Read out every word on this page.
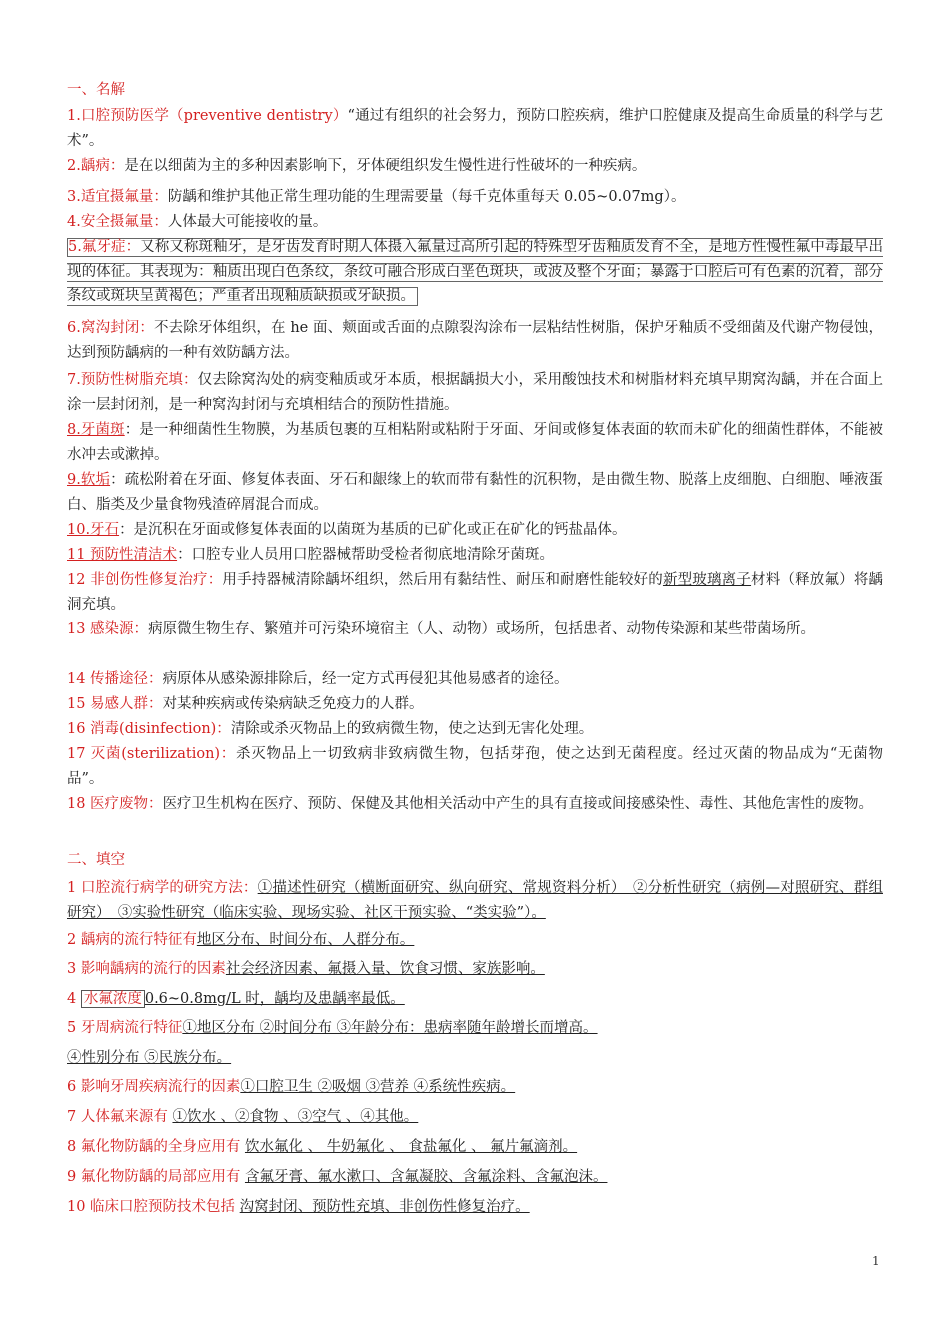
一、名解
1.口腔预防医学（preventive dentistry）“通过有组织的社会努力，预防口腔疾病，维护口腔健康及提高生命质量的科学与艺术”。
2.龋病：是在以细菌为主的多种因素影响下，牙体硬组织发生慢性进行性破坏的一种疾病。
3.适宜摄氟量：防龋和维护其他正常生理功能的生理需要量（每千克体重每天 0.05~0.07mg）。
4.安全摄氟量：人体最大可能接收的量。
5.氟牙症：又称又称斑釉牙，是牙齿发育时期人体摄入氟量过高所引起的特殊型牙齿釉质发育不全，是地方性慢性氟中毒最早出现的体征。其表现为：釉质出现白色条纹，条纹可融合形成白垩色斑块，或波及整个牙面；暴露于口腔后可有色素的沉着，部分条纹或斑块呈黄褐色；严重者出现釉质缺损或牙缺损。
6.窝沟封闭：不去除牙体组织，在 he 面、颊面或舌面的点隙裂沟涂布一层粘结性树脂，保护牙釉质不受细菌及代谢产物侵蚀，达到预防龋病的一种有效防龋方法。
7.预防性树脂充填：仅去除窝沟处的病变釉质或牙本质，根据龋损大小，采用酸蚀技术和树脂材料充填早期窝沟龋，并在合面上涂一层封闭剂，是一种窝沟封闭与充填相结合的预防性措施。
8.牙菌斑：是一种细菌性生物膜，为基质包裹的互相粘附或粘附于牙面、牙间或修复体表面的软而未矿化的细菌性群体，不能被水冲去或漱掉。
9.软垢：疏松附着在牙面、修复体表面、牙石和龈缘上的软而带有黏性的沉积物，是由微生物、脱落上皮细胞、白细胞、唾液蛋白、脂类及少量食物残渣碎屑混合而成。
10.牙石：是沉积在牙面或修复体表面的以菌斑为基质的已矿化或正在矿化的钙盐晶体。
11 预防性清洁术：口腔专业人员用口腔器械帮助受检者彻底地清除牙菌斑。
12 非创伤性修复治疗：用手持器械清除龋坏组织，然后用有黏结性、耐压和耐磨性能较好的新型玻璃离子材料（释放氟）将龋洞充填。
13 感染源：病原微生物生存、繁殖并可污染环境宿主（人、动物）或场所，包括患者、动物传染源和某些带菌场所。
14 传播途径：病原体从感染源排除后，经一定方式再侵犯其他易感者的途径。
15 易感人群：对某种疾病或传染病缺乏免疫力的人群。
16 消毒(disinfection)：清除或杀灭物品上的致病微生物，使之达到无害化处理。
17 灭菌(sterilization)：杀灭物品上一切致病非致病微生物，包括芽孢，使之达到无菌程度。经过灭菌的物品成为“无菌物品”。
18 医疗废物：医疗卫生机构在医疗、预防、保健及其他相关活动中产生的具有直接或间接感染性、毒性、其他危害性的废物。
二、填空
1 口腔流行病学的研究方法：①描述性研究（横断面研究、纵向研究、常规资料分析）　②分析性研究（病例—对照研究、群组研究）　③实验性研究（临床实验、现场实验、社区干预实验、“类实验”）。
2 龋病的流行特征有地区分布、时间分布、人群分布。
3 影响龋病的流行的因素社会经济因素、氟摄入量、饮食习惯、家族影响。
4 水氟浓度 0.6~0.8mg/L 时，龋均及患龋率最低。
5 牙周病流行特征①地区分布 ②时间分布 ③年龄分布：患病率随年龄增长而增高。
④性别分布 ⑤民族分布。
6 影响牙周疾病流行的因素①口腔卫生 ②吸烟 ③营养 ④系统性疾病。
7 人体氟来源有 ①饮水 、②食物 、③空气 、④其他。
8 氟化物防龋的全身应用有 饮水氟化 、 牛奶氟化 、 食盐氟化 、 氟片氟滴剂。
9 氟化物防龋的局部应用有 含氟牙膏、氟水漱口、含氟凝胶、含氟涂料、含氟泡沫。
10 临床口腔预防技术包括 沟窝封闭、预防性充填、非创伤性修复治疗。
1
